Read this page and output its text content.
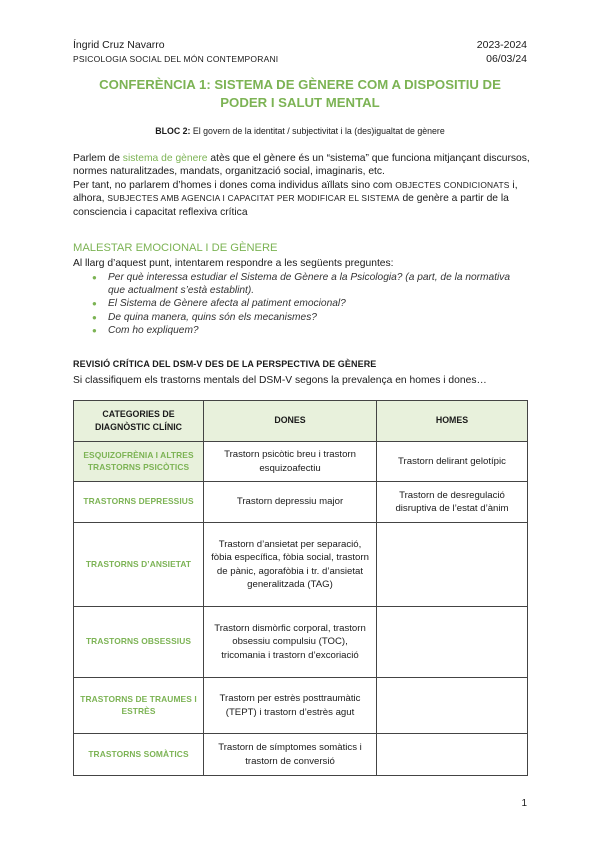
Íngrid Cruz Navarro
PSICOLOGIA SOCIAL DEL MÓN CONTEMPORANI
2023-2024
06/03/24
CONFERÈNCIA 1: SISTEMA DE GÈNERE COM A DISPOSITIU DE
PODER I SALUT MENTAL
BLOC 2: El govern de la identitat / subjectivitat i la (des)igualtat de gènere
Parlem de sistema de gènere atès que el gènere és un “sistema” que funciona mitjançant discursos, normes naturalitzades, mandats, organització social, imaginaris, etc.
Per tant, no parlarem d’homes i dones coma individus aïllats sino com OBJECTES CONDICIONATS i, alhora, SUBJECTES AMB AGENCIA I CAPACITAT PER MODIFICAR EL SISTEMA de genère a partir de la consciencia i capacitat reflexiva crítica
MALESTAR EMOCIONAL I DE GÈNERE
Al llarg d’aquest punt, intentarem respondre a les següents preguntes:
● Per què interessa estudiar el Sistema de Gènere a la Psicologia? (a part, de la normativa que actualment s’està establint).
● El Sistema de Gènere afecta al patiment emocional?
● De quina manera, quins són els mecanismes?
● Com ho expliquem?
REVISIÓ CRÍTICA DEL DSM-V DES DE LA PERSPECTIVA DE GÈNERE
Si classifiquem els trastorns mentals del DSM-V segons la prevalença en homes i dones…
CATEGORIES DE DIAGNÒSTIC CLÍNIC	DONES	HOMES
ESQUIZOFRÈNIA I ALTRES TRASTORNS PSICÒTICS	Trastorn psicòtic breu i trastorn esquizoafectiu	Trastorn delirant gelotípic
TRASTORNS DEPRESSIUS	Trastorn depressiu major	Trastorn de desregulació disruptiva de l’estat d’ànim
TRASTORNS D’ANSIETAT	Trastorn d’ansietat per separació, fòbia específica, fòbia social, trastorn de pànic, agorafòbia i tr. d’ansietat generalitzada (TAG)	
TRASTORNS OBSESSIUS	Trastorn dismòrfic corporal, trastorn obsessiu compulsiu (TOC), tricomania i trastorn d’excoriació	
TRASTORNS DE TRAUMES I ESTRÈS	Trastorn per estrès posttraumàtic (TEPT) i trastorn d’estrès agut	
TRASTORNS SOMÀTICS	Trastorn de símptomes somàtics i trastorn de conversió	
1
